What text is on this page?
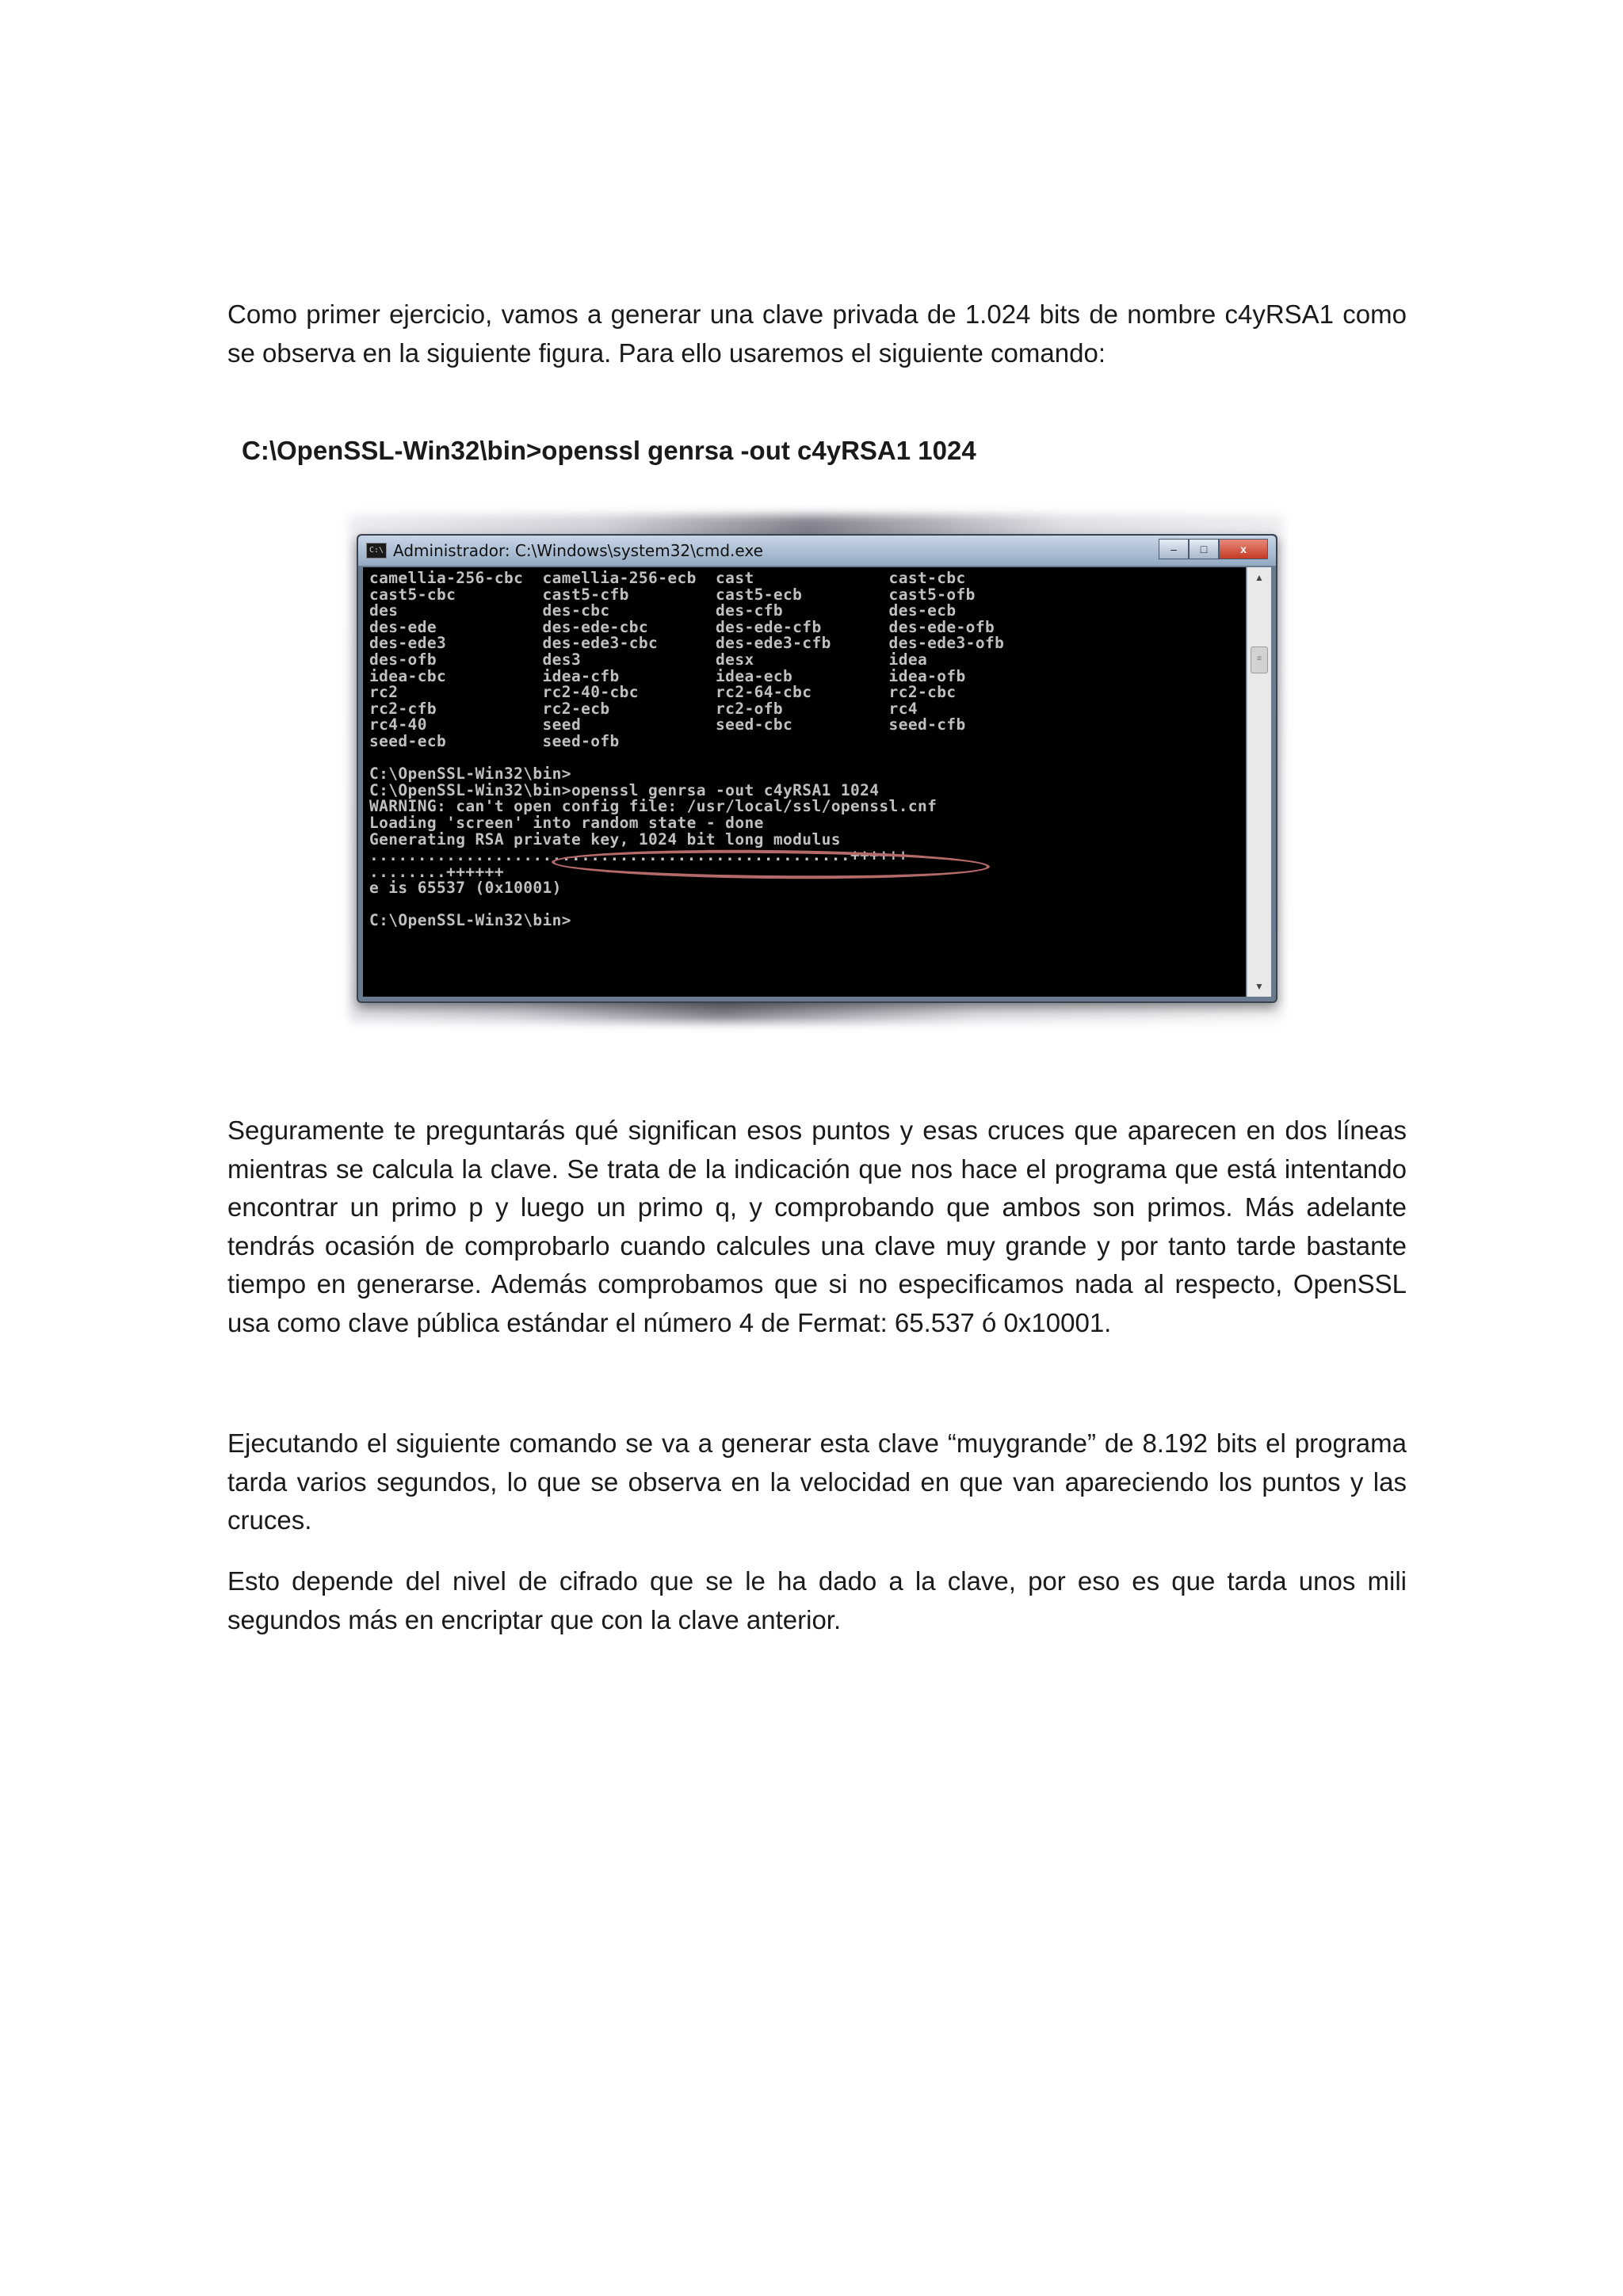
Como primer ejercicio, vamos a generar una clave privada de 1.024 bits de nombre c4yRSA1 como se observa en la siguiente figura. Para ello usaremos el siguiente comando:

C:\OpenSSL-Win32\bin>openssl genrsa -out c4yRSA1 1024

C:\ Administrador: C:\Windows\system32\cmd.exe	–	□	x
camellia-256-cbc  camellia-256-ecb  cast              cast-cbc
cast5-cbc         cast5-cfb         cast5-ecb         cast5-ofb
des               des-cbc           des-cfb           des-ecb
des-ede           des-ede-cbc       des-ede-cfb       des-ede-ofb
des-ede3          des-ede3-cbc      des-ede3-cfb      des-ede3-ofb
des-ofb           des3              desx              idea
idea-cbc          idea-cfb          idea-ecb          idea-ofb
rc2               rc2-40-cbc        rc2-64-cbc        rc2-cbc
rc2-cfb           rc2-ecb           rc2-ofb           rc4
rc4-40            seed              seed-cbc          seed-cfb
seed-ecb          seed-ofb

C:\OpenSSL-Win32\bin>
C:\OpenSSL-Win32\bin>openssl genrsa -out c4yRSA1 1024
WARNING: can't open config file: /usr/local/ssl/openssl.cnf
Loading 'screen' into random state - done
Generating RSA private key, 1024 bit long modulus
..................................................++++++
........++++++
e is 65537 (0x10001)

C:\OpenSSL-Win32\bin>
▲
≡
▼

Seguramente te preguntarás qué significan esos puntos y esas cruces que aparecen en dos líneas mientras se calcula la clave. Se trata de la indicación que nos hace el programa que está intentando encontrar un primo p y luego un primo q, y comprobando que ambos son primos. Más adelante tendrás ocasión de comprobarlo cuando calcules una clave muy grande y por tanto tarde bastante tiempo en generarse. Además comprobamos que si no especificamos nada al respecto, OpenSSL usa como clave pública estándar el número 4 de Fermat: 65.537 ó 0x10001.

Ejecutando el siguiente comando se va a generar esta clave “muygrande” de 8.192 bits el programa tarda varios segundos, lo que se observa en la velocidad en que van apareciendo los puntos y las cruces.

Esto depende del nivel de cifrado que se le ha dado a la clave, por eso es que tarda unos mili segundos más en encriptar que con la clave anterior.
